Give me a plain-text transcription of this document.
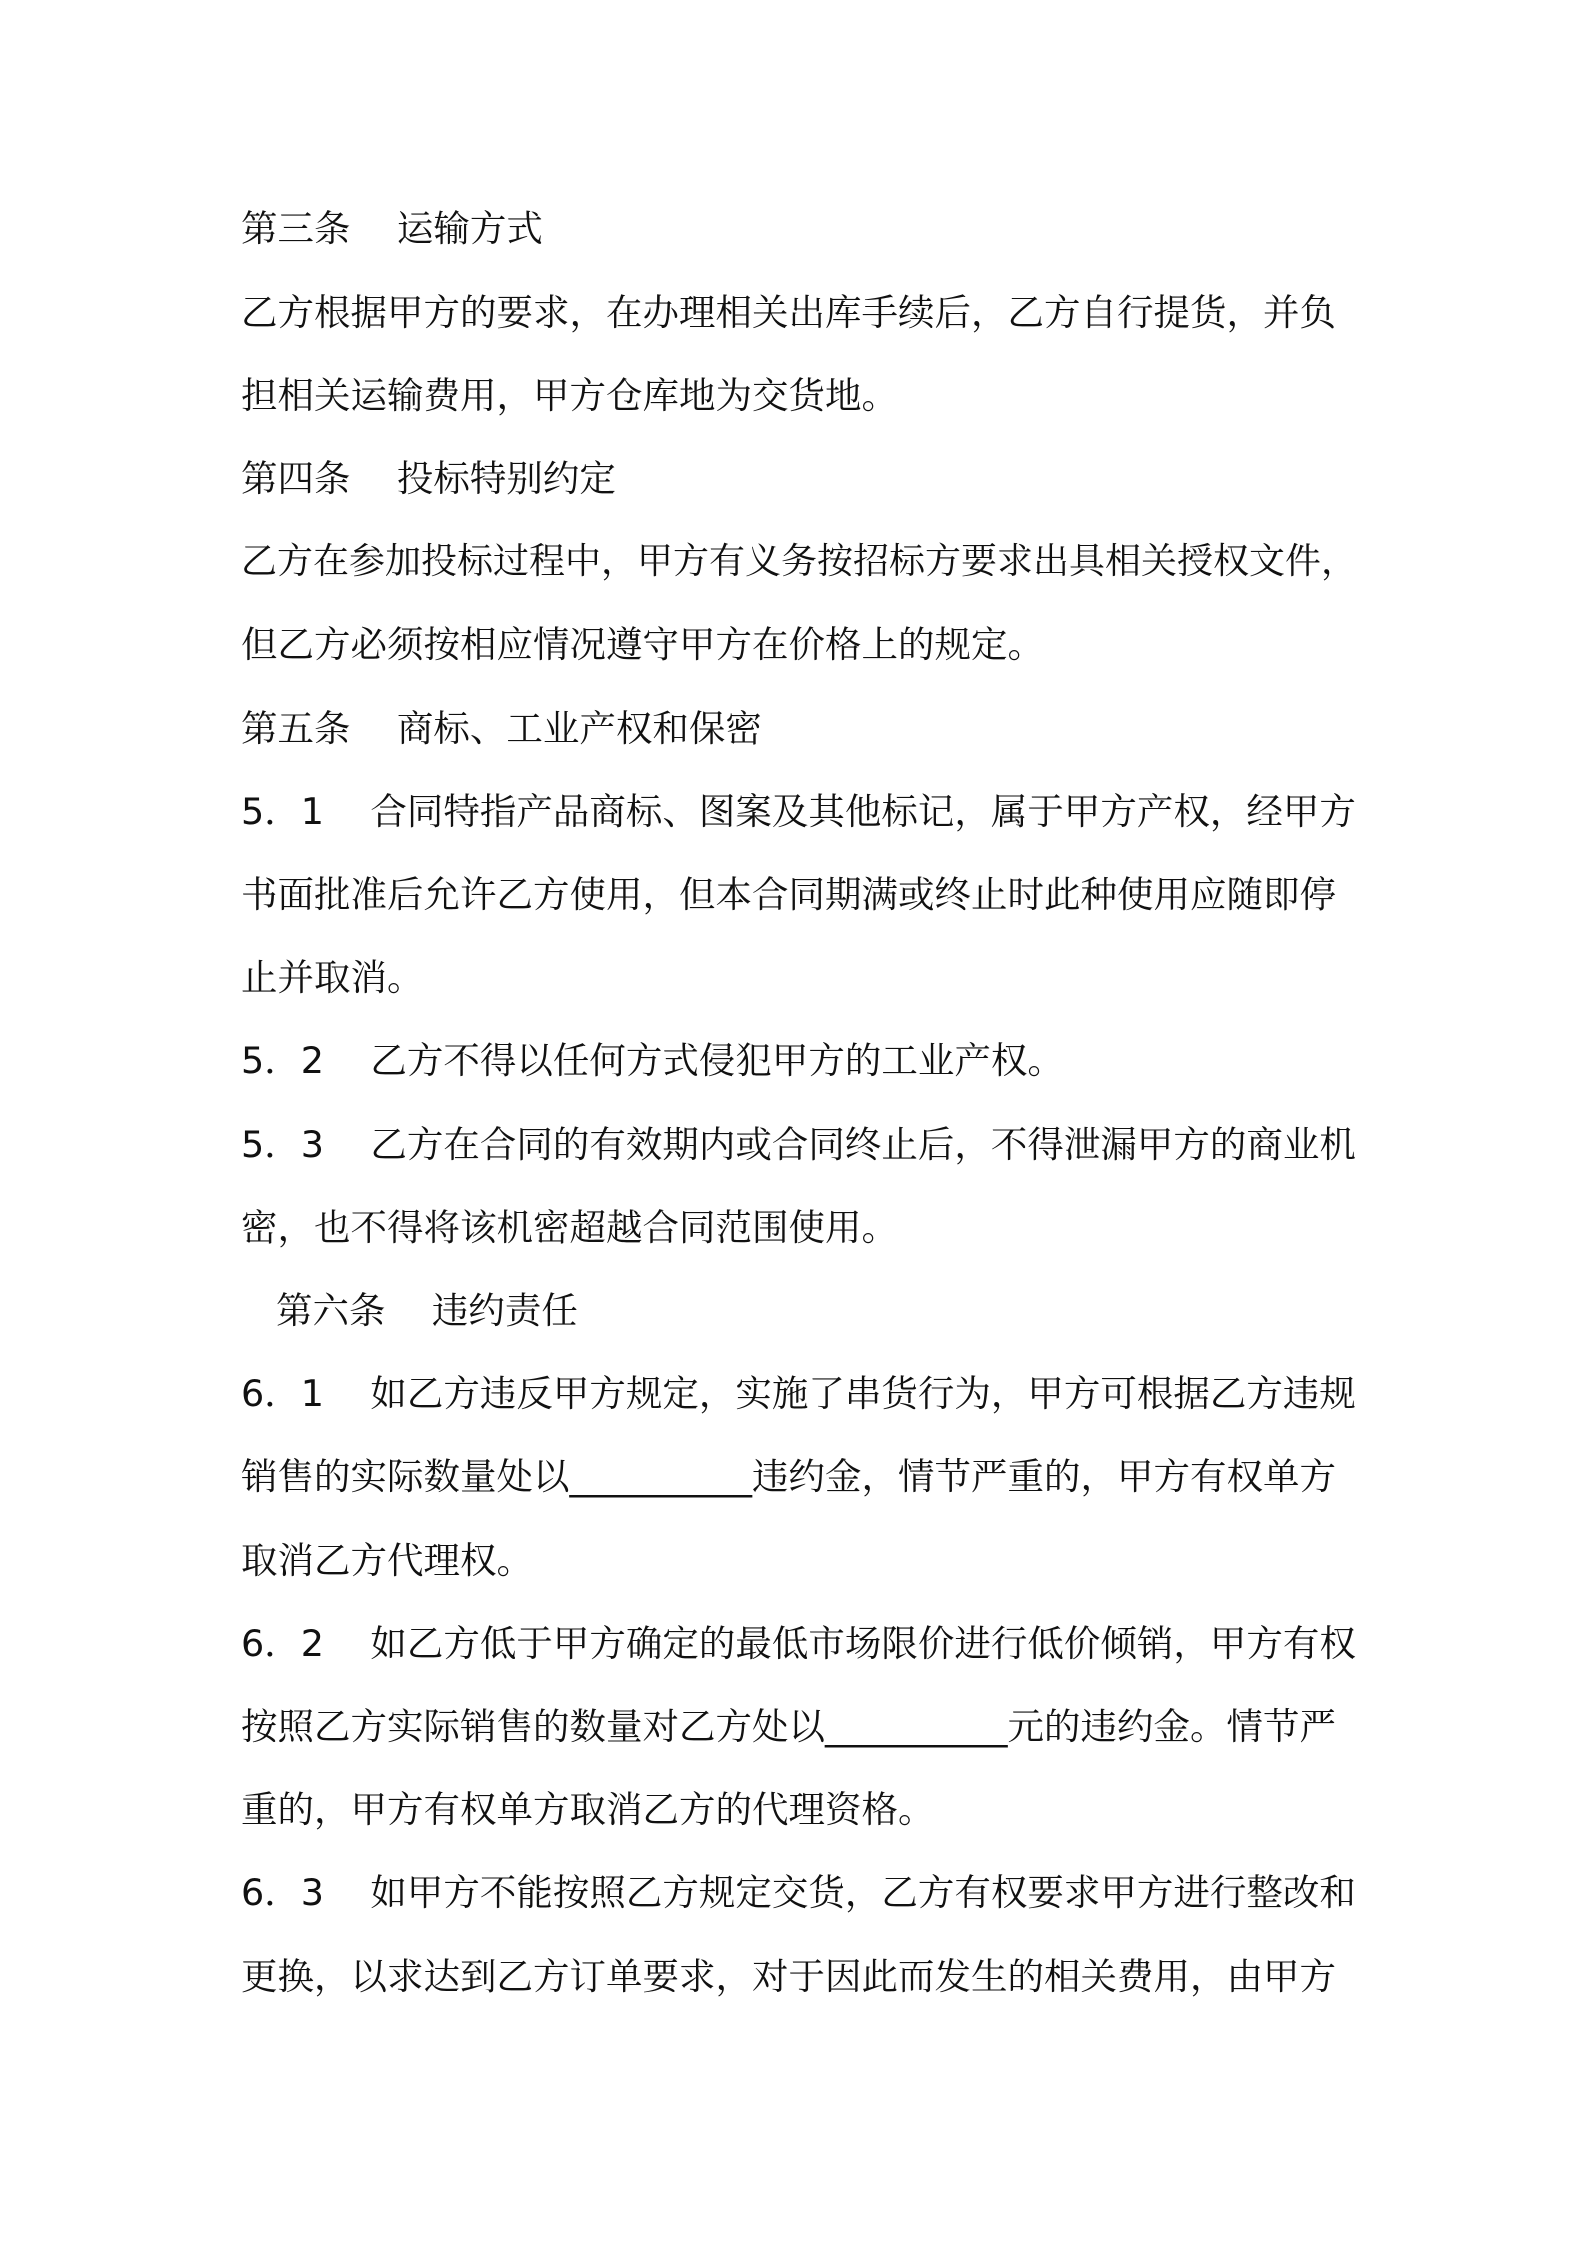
第三条    运输方式

乙方根据甲方的要求，在办理相关出库手续后，乙方自行提货，并负

担相关运输费用，甲方仓库地为交货地。

第四条    投标特别约定

乙方在参加投标过程中，甲方有义务按招标方要求出具相关授权文件，

但乙方必须按相应情况遵守甲方在价格上的规定。

第五条    商标、工业产权和保密

5．1    合同特指产品商标、图案及其他标记，属于甲方产权，经甲方

书面批准后允许乙方使用，但本合同期满或终止时此种使用应随即停

止并取消。

5．2    乙方不得以任何方式侵犯甲方的工业产权。

5．3    乙方在合同的有效期内或合同终止后，不得泄漏甲方的商业机

密，也不得将该机密超越合同范围使用。

第六条    违约责任

6．1    如乙方违反甲方规定，实施了串货行为，甲方可根据乙方违规

销售的实际数量处以__________违约金，情节严重的，甲方有权单方

取消乙方代理权。

6．2    如乙方低于甲方确定的最低市场限价进行低价倾销，甲方有权

按照乙方实际销售的数量对乙方处以__________元的违约金。情节严

重的，甲方有权单方取消乙方的代理资格。

6．3    如甲方不能按照乙方规定交货，乙方有权要求甲方进行整改和

更换，以求达到乙方订单要求，对于因此而发生的相关费用，由甲方
